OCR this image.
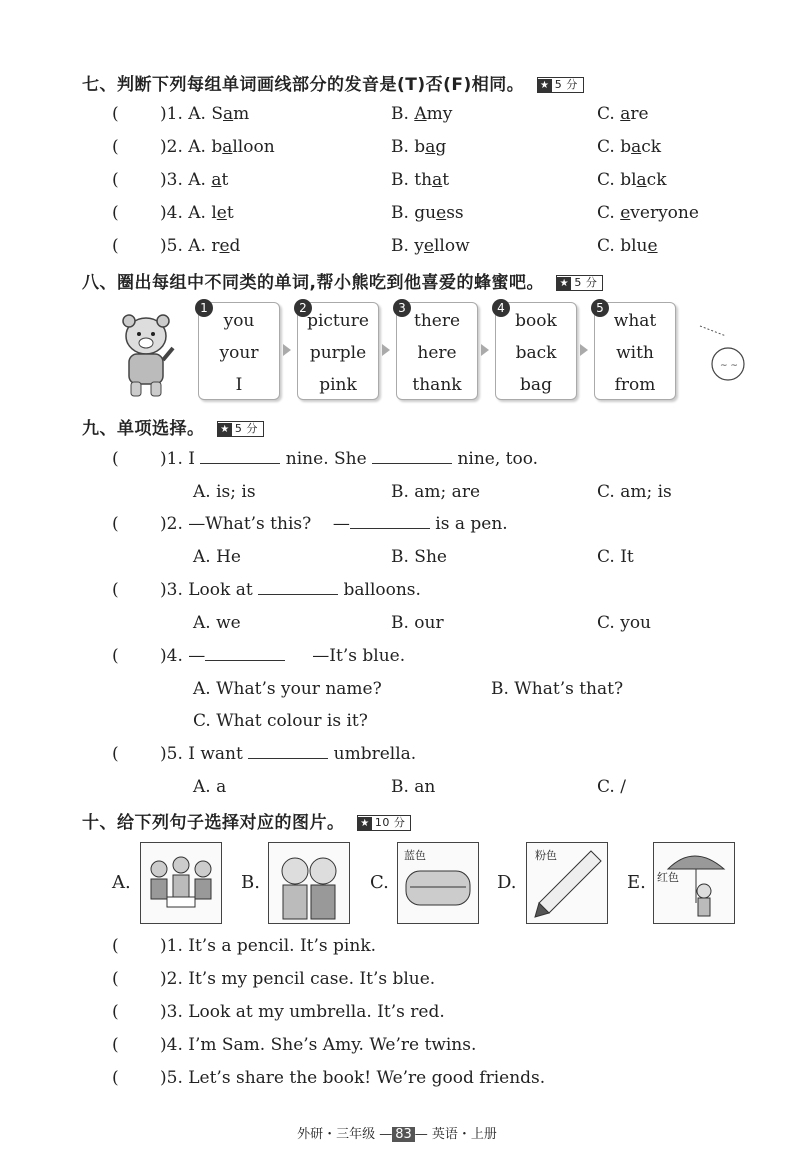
七、判断下列每组单词画线部分的发音是(T)否(F)相同。 ★ 5 分
( )1. A. Sam	B. Amy	C. are
( )2. A. balloon	B. bag	C. back
( )3. A. at	B. that	C. black
( )4. A. let	B. guess	C. everyone
( )5. A. red	B. yellow	C. blue
八、圈出每组中不同类的单词,帮小熊吃到他喜爱的蜂蜜吧。 ★ 5 分
1
you
your
I
2
picture
purple
pink
3
there
here
thank
4
book
back
bag
5
what
with
from
~ ~
九、单项选择。 ★ 5 分
( )1. I	nine. She	nine, too.
A. is; is	B. am; are	C. am; is
( )2. —What’s this? —	is a pen.
A. He	B. She	C. It
( )3. Look at	balloons.
A. we	B. our	C. you
( )4. —	—It’s blue.
A. What’s your name?	B. What’s that?
C. What colour is it?
( )5. I want	umbrella.
A. a	B. an	C. /
十、给下列句子选择对应的图片。 ★ 10 分
A.	B.	C.
蓝色
D.
粉色
E. 红色
( )1. It’s a pencil. It’s pink.
( )2. It’s my pencil case. It’s blue.
( )3. Look at my umbrella. It’s red.
( )4. I’m Sam. She’s Amy. We’re twins.
( )5. Let’s share the book! We’re good friends.
外研・三年级 — 83 — 英语・上册
